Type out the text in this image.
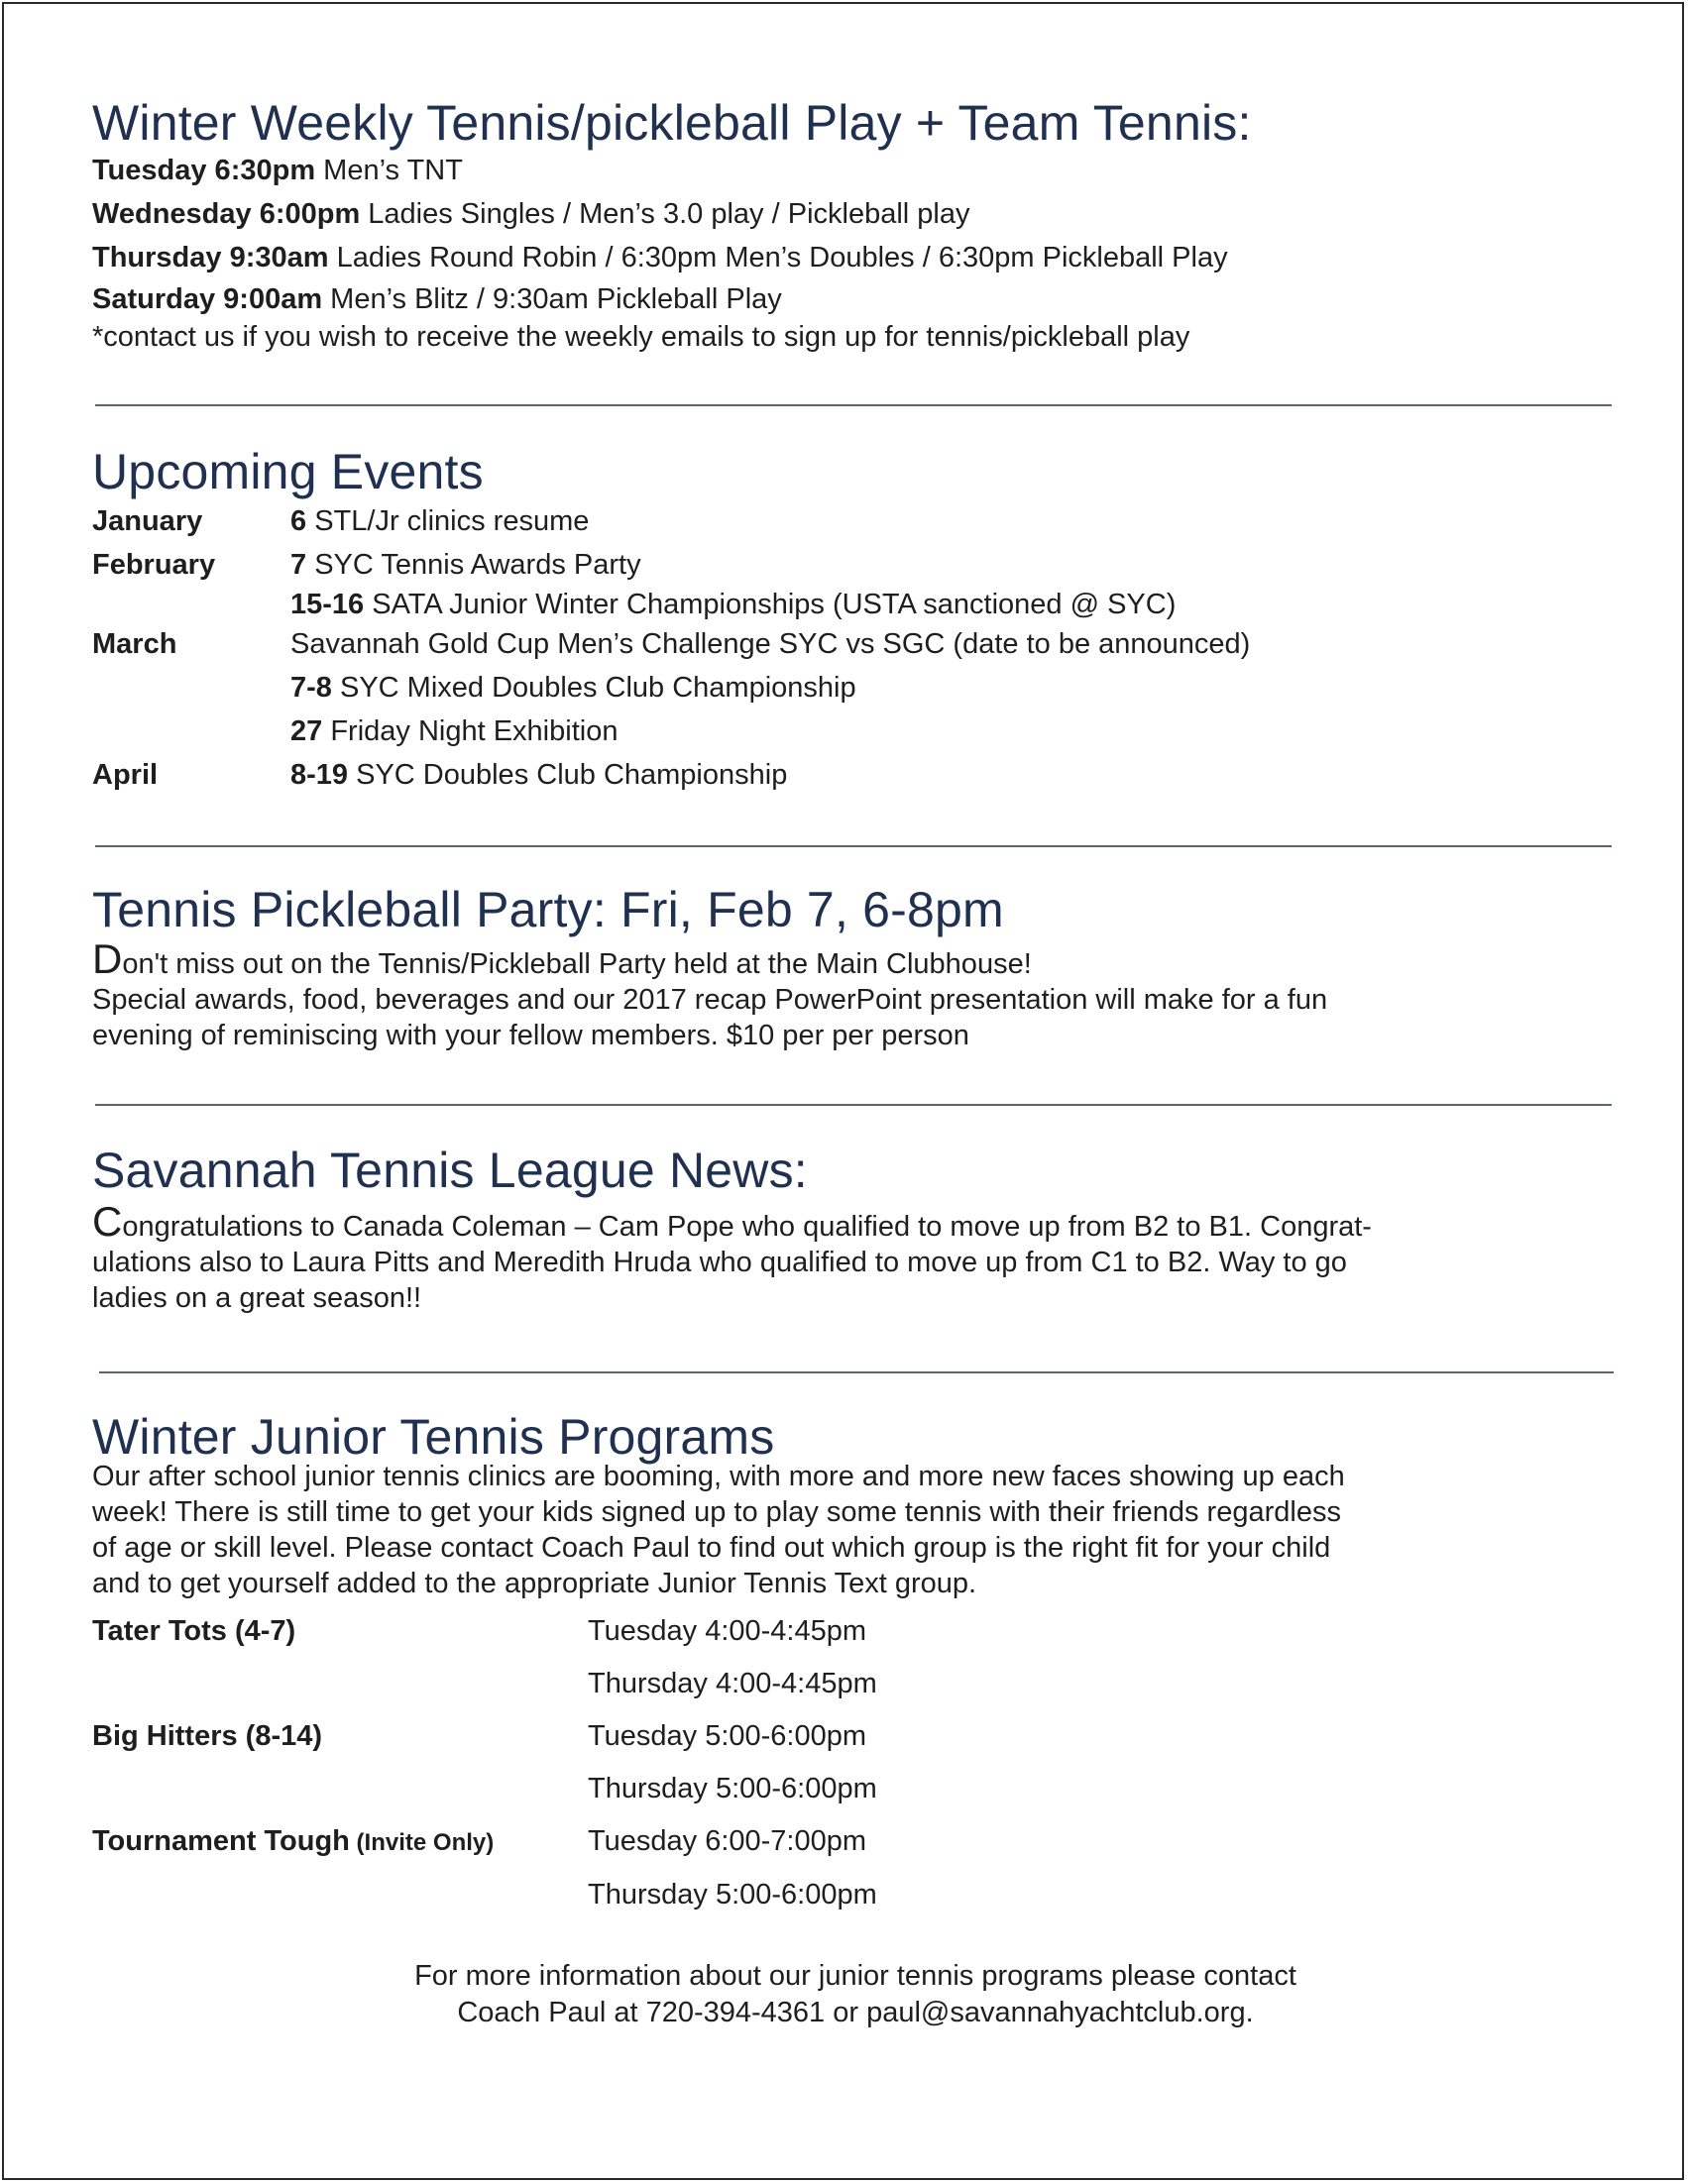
Winter Weekly Tennis/pickleball Play + Team Tennis:
Tuesday 6:30pm Men’s TNT
Wednesday 6:00pm Ladies Singles / Men’s 3.0 play / Pickleball play
Thursday 9:30am Ladies Round Robin / 6:30pm Men’s Doubles / 6:30pm Pickleball Play
Saturday 9:00am Men’s Blitz / 9:30am Pickleball Play
*contact us if you wish to receive the weekly emails to sign up for tennis/pickleball play
Upcoming Events
January	6 STL/Jr clinics resume
February	7 SYC Tennis Awards Party
15-16 SATA Junior Winter Championships (USTA sanctioned @ SYC)
March	Savannah Gold Cup Men’s Challenge SYC vs SGC (date to be announced)
7-8 SYC Mixed Doubles Club Championship
27 Friday Night Exhibition
April	8-19 SYC Doubles Club Championship
Tennis Pickleball Party: Fri, Feb 7, 6-8pm
Don't miss out on the Tennis/Pickleball Party held at the Main Clubhouse!
Special awards, food, beverages and our 2017 recap PowerPoint presentation will make for a fun
evening of reminiscing with your fellow members. $10 per per person
Savannah Tennis League News:
Congratulations to Canada Coleman – Cam Pope who qualified to move up from B2 to B1. Congrat-
ulations also to Laura Pitts and Meredith Hruda who qualified to move up from C1 to B2. Way to go
ladies on a great season!!
Winter Junior Tennis Programs
Our after school junior tennis clinics are booming, with more and more new faces showing up each
week! There is still time to get your kids signed up to play some tennis with their friends regardless
of age or skill level. Please contact Coach Paul to find out which group is the right fit for your child
and to get yourself added to the appropriate Junior Tennis Text group.
Tater Tots (4-7)	Tuesday 4:00-4:45pm
Thursday 4:00-4:45pm
Big Hitters (8-14)	Tuesday 5:00-6:00pm
Thursday 5:00-6:00pm
Tournament Tough (Invite Only)	Tuesday 6:00-7:00pm
Thursday 5:00-6:00pm
For more information about our junior tennis programs please contact
Coach Paul at 720-394-4361 or paul@savannahyachtclub.org.
